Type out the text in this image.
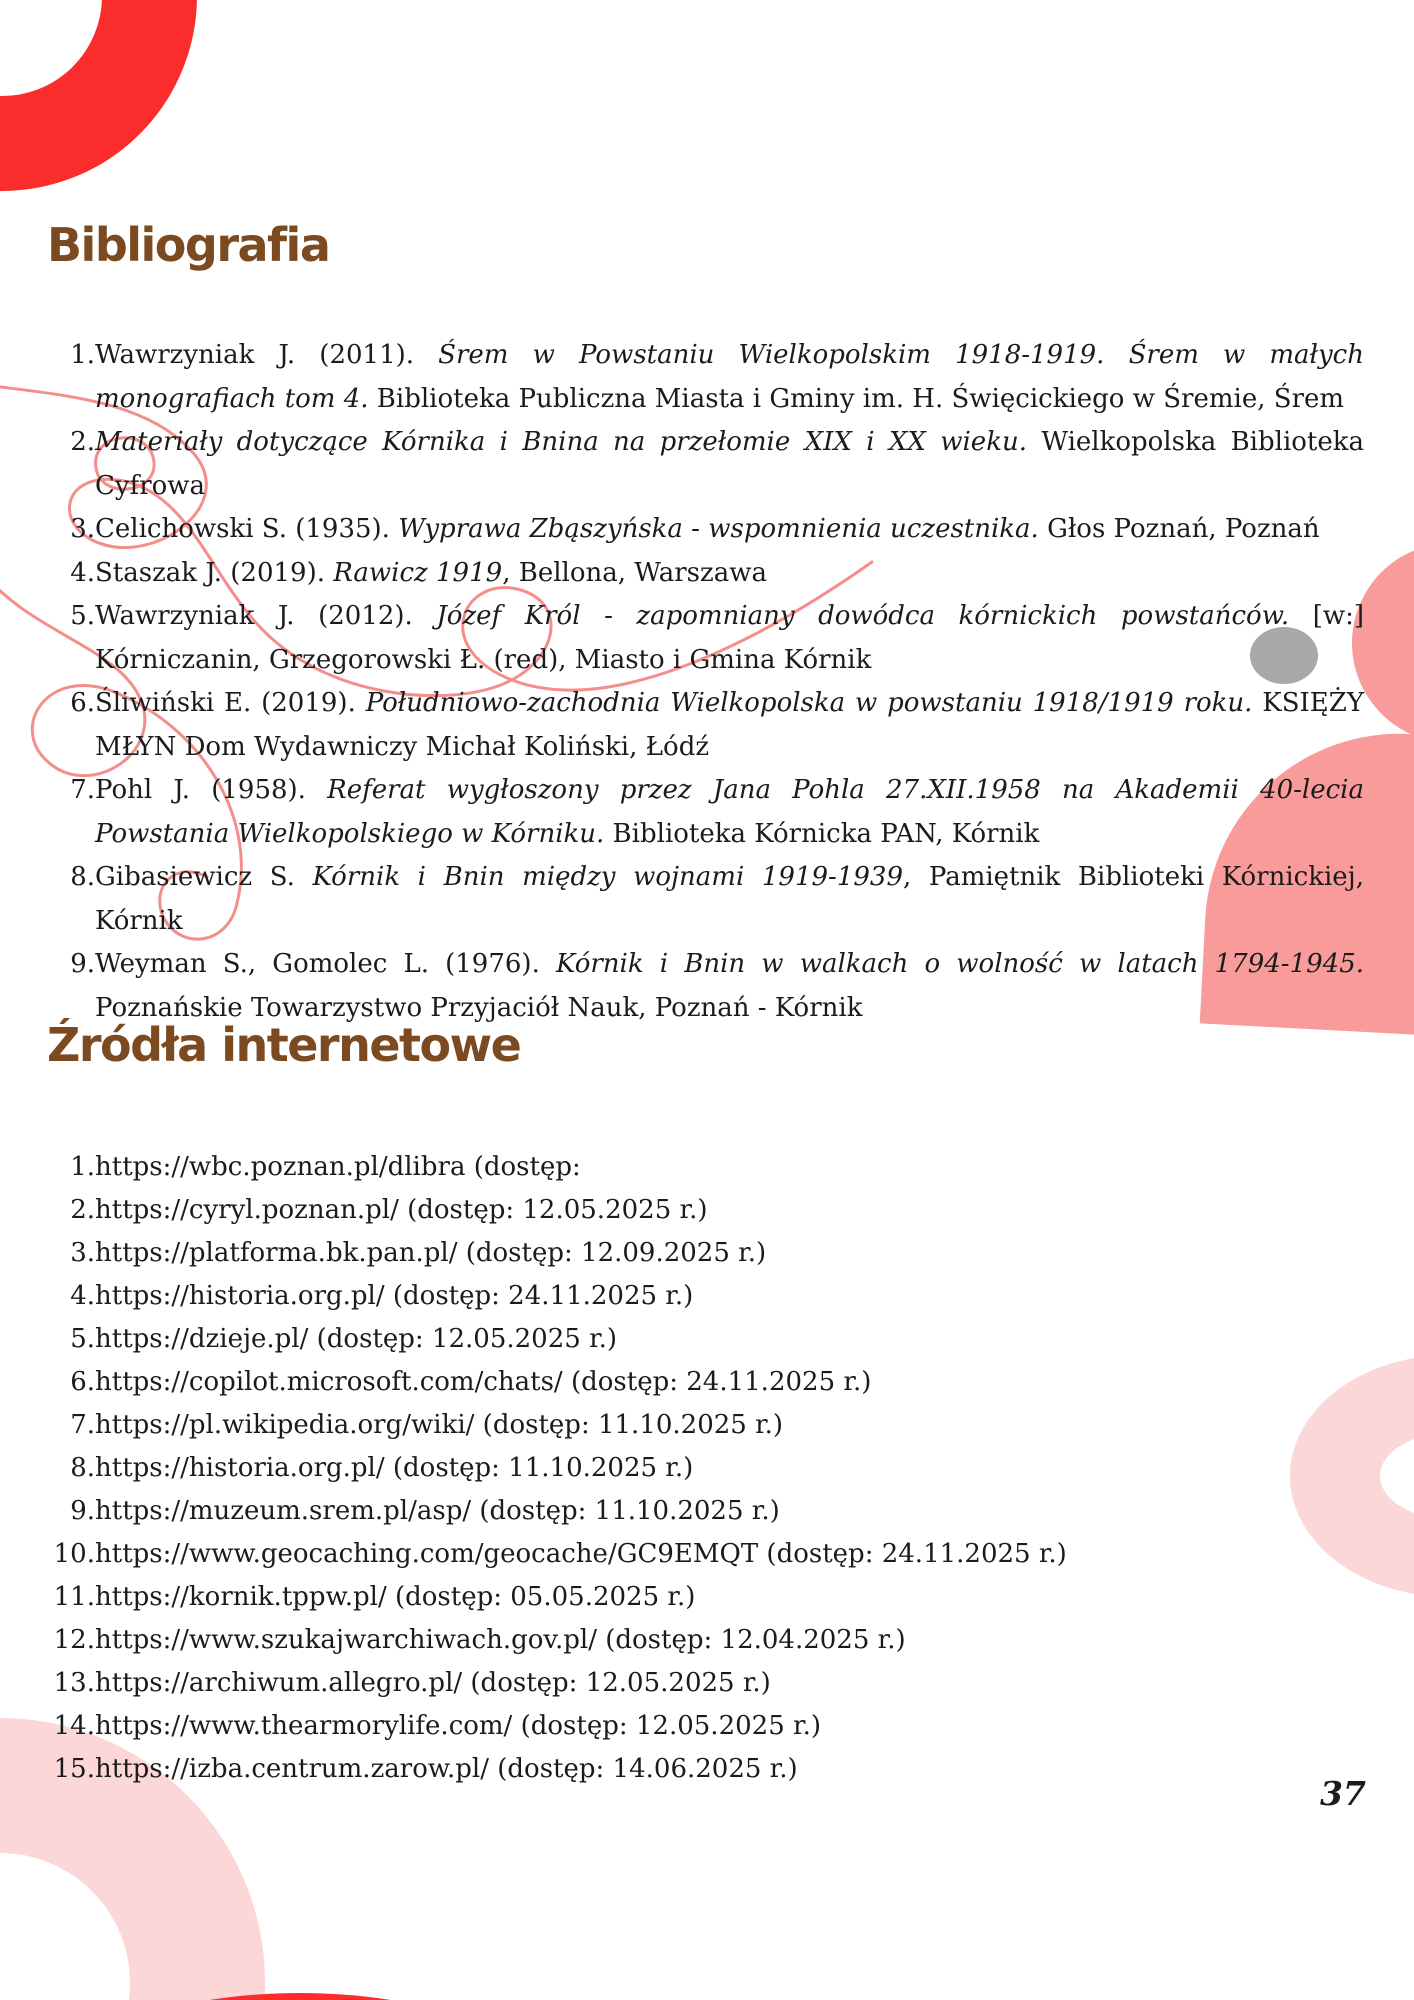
Bibliografia
Źródła internetowe
1. Wawrzyniak J. (2011). Śrem w Powstaniu Wielkopolskim 1918-1919. Śrem w małych monografiach tom 4. Biblioteka Publiczna Miasta i Gminy im. H. Święcickiego w Śremie, Śrem
2. Materiały dotyczące Kórnika i Bnina na przełomie XIX i XX wieku. Wielkopolska Biblioteka Cyfrowa
3. Celichowski S. (1935). Wyprawa Zbąszyńska - wspomnienia uczestnika. Głos Poznań, Poznań
4. Staszak J. (2019). Rawicz 1919, Bellona, Warszawa
5. Wawrzyniak J. (2012). Józef Król - zapomniany dowódca kórnickich powstańców. [w:] Kórniczanin, Grzegorowski Ł. (red), Miasto i Gmina Kórnik
6. Śliwiński E. (2019). Południowo-zachodnia Wielkopolska w powstaniu 1918/1919 roku. KSIĘŻY MŁYN Dom Wydawniczy Michał Koliński, Łódź
7. Pohl J. (1958). Referat wygłoszony przez Jana Pohla 27.XII.1958 na Akademii 40-lecia Powstania Wielkopolskiego w Kórniku. Biblioteka Kórnicka PAN, Kórnik
8. Gibasiewicz S. Kórnik i Bnin między wojnami 1919-1939, Pamiętnik Biblioteki Kórnickiej, Kórnik
9. Weyman S., Gomolec L. (1976). Kórnik i Bnin w walkach o wolność w latach 1794-1945. Poznańskie Towarzystwo Przyjaciół Nauk, Poznań - Kórnik
1. https://wbc.poznan.pl/dlibra (dostęp:
2. https://cyryl.poznan.pl/ (dostęp: 12.05.2025 r.)
3. https://platforma.bk.pan.pl/ (dostęp: 12.09.2025 r.)
4. https://historia.org.pl/ (dostęp: 24.11.2025 r.)
5. https://dzieje.pl/ (dostęp: 12.05.2025 r.)
6. https://copilot.microsoft.com/chats/ (dostęp: 24.11.2025 r.)
7. https://pl.wikipedia.org/wiki/ (dostęp: 11.10.2025 r.)
8. https://historia.org.pl/ (dostęp: 11.10.2025 r.)
9. https://muzeum.srem.pl/asp/ (dostęp: 11.10.2025 r.)
10. https://www.geocaching.com/geocache/GC9EMQT (dostęp: 24.11.2025 r.)
11. https://kornik.tppw.pl/ (dostęp: 05.05.2025 r.)
12. https://www.szukajwarchiwach.gov.pl/ (dostęp: 12.04.2025 r.)
13. https://archiwum.allegro.pl/ (dostęp: 12.05.2025 r.)
14. https://www.thearmorylife.com/ (dostęp: 12.05.2025 r.)
15. https://izba.centrum.zarow.pl/ (dostęp: 14.06.2025 r.)
37
